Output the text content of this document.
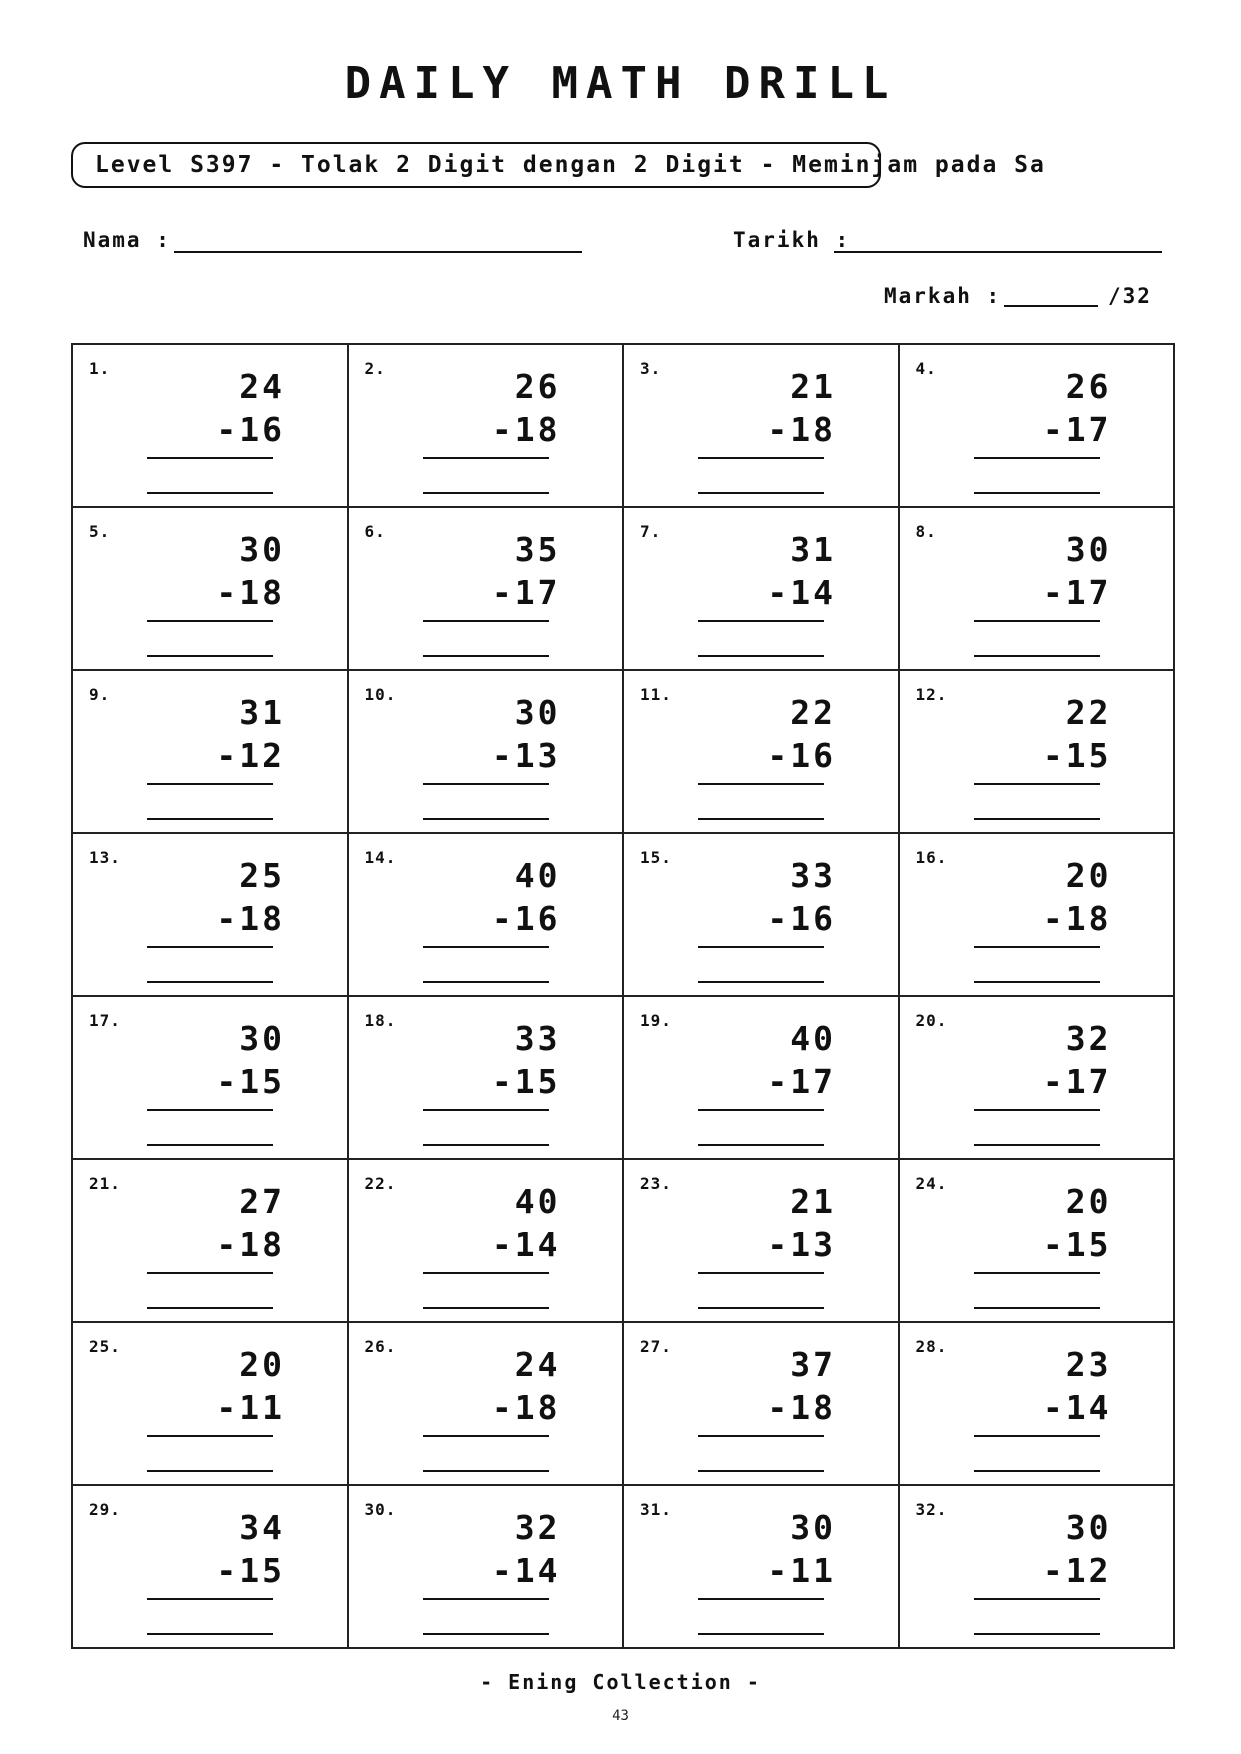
DAILY MATH DRILL
Level S397 - Tolak 2 Digit dengan 2 Digit - Meminjam pada Sa
Nama :	Tarikh :
Markah :	/32
1.	24
-16
2.	26
-18
3.	21
-18
4.	26
-17
5.	30
-18
6.	35
-17
7.	31
-14
8.	30
-17
9.	31
-12
10.	30
-13
11.	22
-16
12.	22
-15
13.	25
-18
14.	40
-16
15.	33
-16
16.	20
-18
17.	30
-15
18.	33
-15
19.	40
-17
20.	32
-17
21.	27
-18
22.	40
-14
23.	21
-13
24.	20
-15
25.	20
-11
26.	24
-18
27.	37
-18
28.	23
-14
29.	34
-15
30.	32
-14
31.	30
-11
32.	30
-12
- Ening Collection -
43
